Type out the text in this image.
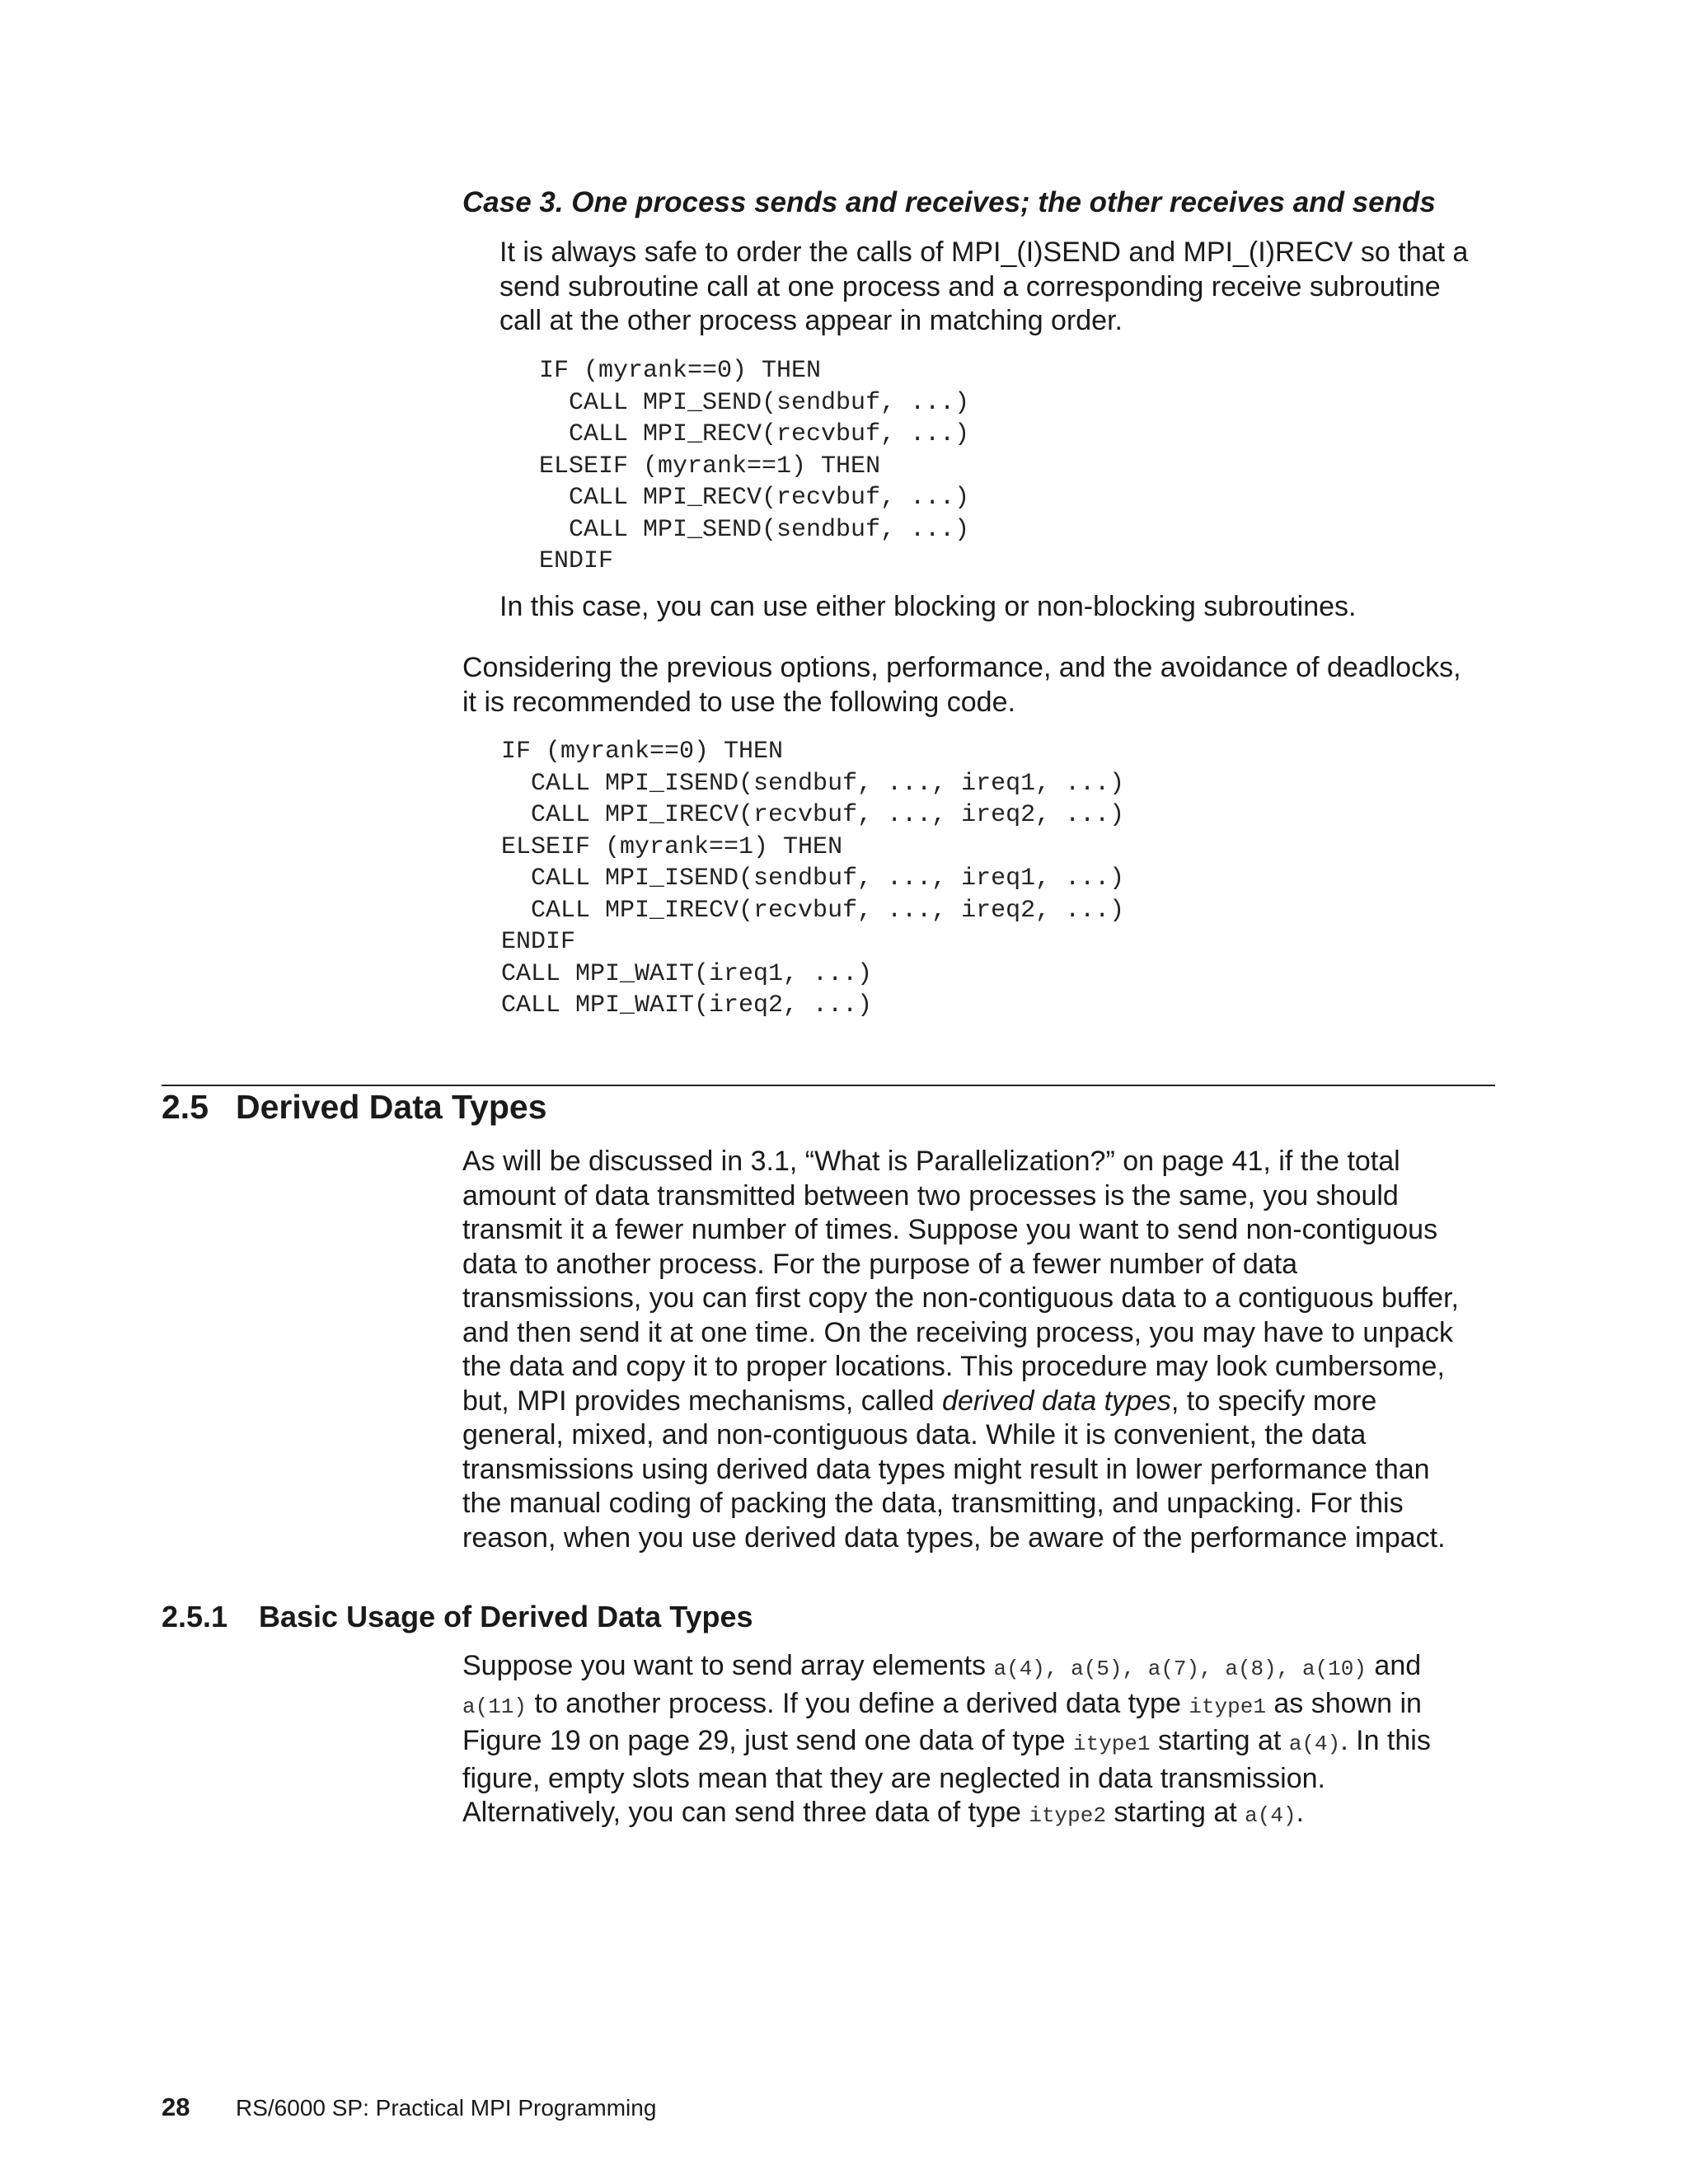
Case 3. One process sends and receives; the other receives and sends

It is always safe to order the calls of MPI_(I)SEND and MPI_(I)RECV so that a
send subroutine call at one process and a corresponding receive subroutine
call at the other process appear in matching order.
IF (myrank==0) THEN
CALL MPI_SEND(sendbuf, ...)
CALL MPI_RECV(recvbuf, ...)
ELSEIF (myrank==1) THEN
CALL MPI_RECV(recvbuf, ...)
CALL MPI_SEND(sendbuf, ...)
ENDIF

In this case, you can use either blocking or non-blocking subroutines.

Considering the previous options, performance, and the avoidance of deadlocks,
it is recommended to use the following code.
IF (myrank==0) THEN
CALL MPI_ISEND(sendbuf, ..., ireq1, ...)
CALL MPI_IRECV(recvbuf, ..., ireq2, ...)
ELSEIF (myrank==1) THEN
CALL MPI_ISEND(sendbuf, ..., ireq1, ...)
CALL MPI_IRECV(recvbuf, ..., ireq2, ...)
ENDIF
CALL MPI_WAIT(ireq1, ...)
CALL MPI_WAIT(ireq2, ...)
2.5 Derived Data Types
As will be discussed in 3.1, “What is Parallelization?” on page 41, if the total
amount of data transmitted between two processes is the same, you should
transmit it a fewer number of times. Suppose you want to send non-contiguous
data to another process. For the purpose of a fewer number of data
transmissions, you can first copy the non-contiguous data to a contiguous buffer,
and then send it at one time. On the receiving process, you may have to unpack
the data and copy it to proper locations. This procedure may look cumbersome,
but, MPI provides mechanisms, called derived data types, to specify more
general, mixed, and non-contiguous data. While it is convenient, the data
transmissions using derived data types might result in lower performance than
the manual coding of packing the data, transmitting, and unpacking. For this
reason, when you use derived data types, be aware of the performance impact.
2.5.1 Basic Usage of Derived Data Types
Suppose you want to send array elements a(4), a(5), a(7), a(8), a(10) and
a(11) to another process. If you define a derived data type itype1 as shown in
Figure 19 on page 29, just send one data of type itype1 starting at a(4). In this
figure, empty slots mean that they are neglected in data transmission.
Alternatively, you can send three data of type itype2 starting at a(4).

28 RS/6000 SP: Practical MPI Programming
